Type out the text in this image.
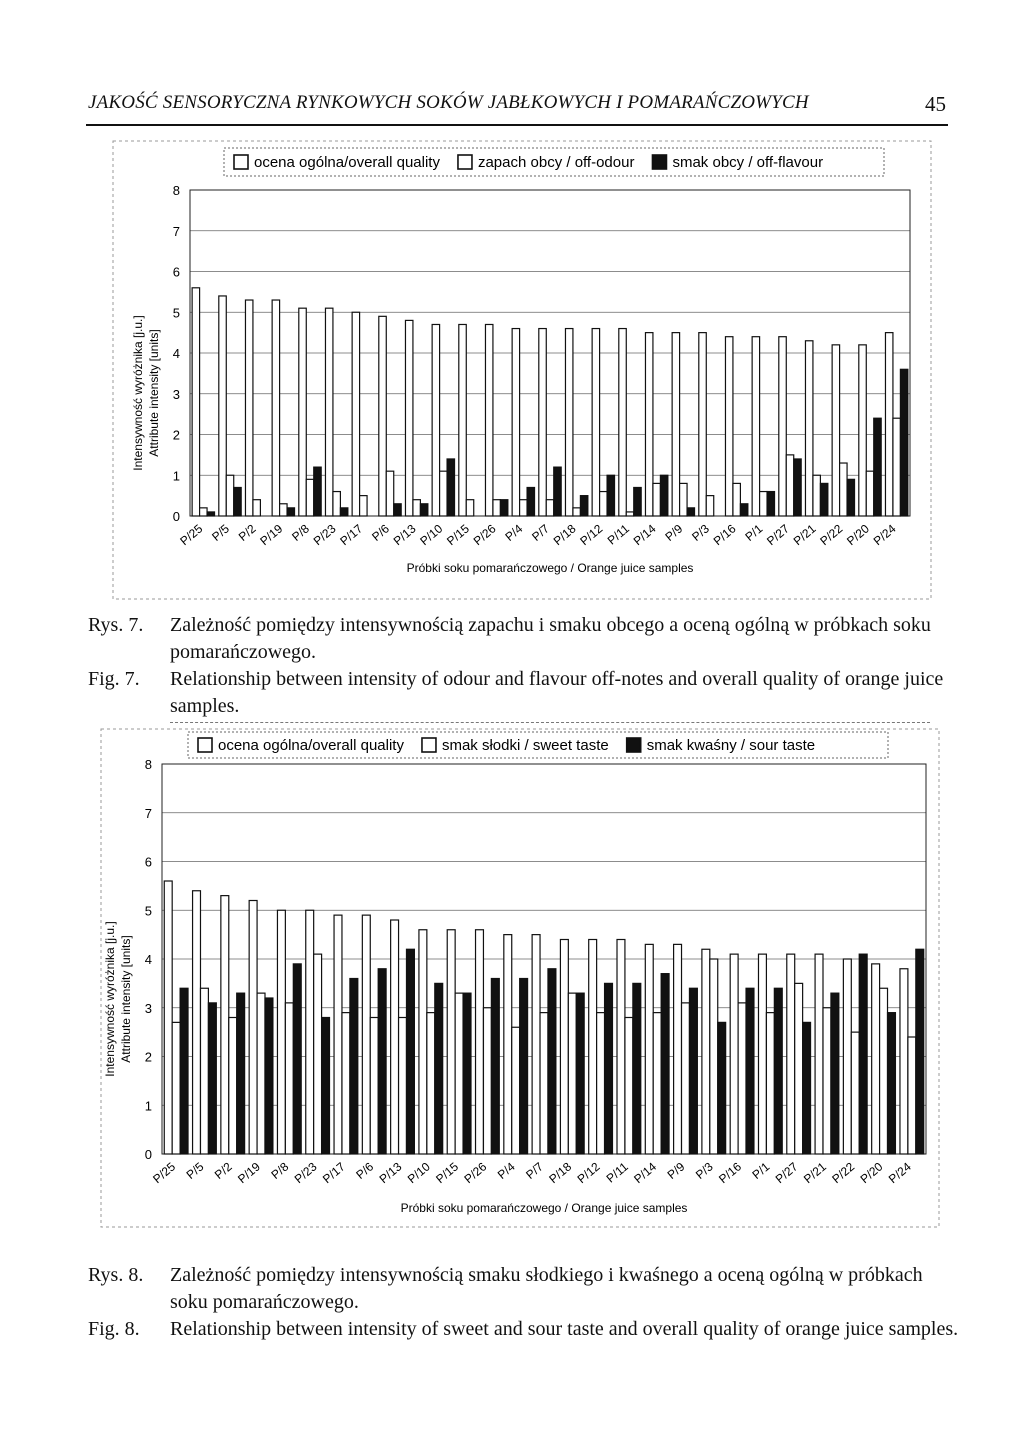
JAKOŚĆ SENSORYCZNA RYNKOWYCH SOKÓW JABŁKOWYCH I POMARAŃCZOWYCH	45
0
1
2
3
4
5
6
7
8
P/25 P/5 P/2
P/19 P/8
P/23
P/17 P/6
P/13
P/10
P/15
P/26 P/4 P/7
P/18
P/12 P/11
P/14 P/9 P/3
P/16 P/1
P/27
P/21
P/22
P/20
P/24
Próbki soku pomarańczowego / Orange juice samples
Intensywność wyróżnika [j.u.] Attribute intensity [units]
ocena ogólna/overall quality	zapach obcy / off-odour	smak obcy / off-flavour
Rys. 7. Zależność pomiędzy intensywnością zapachu i smaku obcego a oceną ogólną w próbkach soku pomarańczowego.
Fig. 7. Relationship between intensity of odour and flavour off-notes and overall quality of orange juice samples.
0
1
2
3
4
5
6
7
8
P/25 P/5 P/2 P/19 P/8 P/23 P/17 P/6 P/13 P/10 P/15 P/26 P/4 P/7 P/18 P/12 P/11 P/14 P/9 P/3 P/16 P/1 P/27 P/21 P/22 P/20 P/24
Próbki soku pomarańczowego / Orange juice samples
Intensywność wyróżnika [j.u.] Attribute intensity [units]
ocena ogólna/overall quality	smak słodki / sweet taste	smak kwaśny / sour taste
Rys. 8. Zależność pomiędzy intensywnością smaku słodkiego i kwaśnego a oceną ogólną w próbkach soku pomarańczowego.
Fig. 8. Relationship between intensity of sweet and sour taste and overall quality of orange juice samples.
